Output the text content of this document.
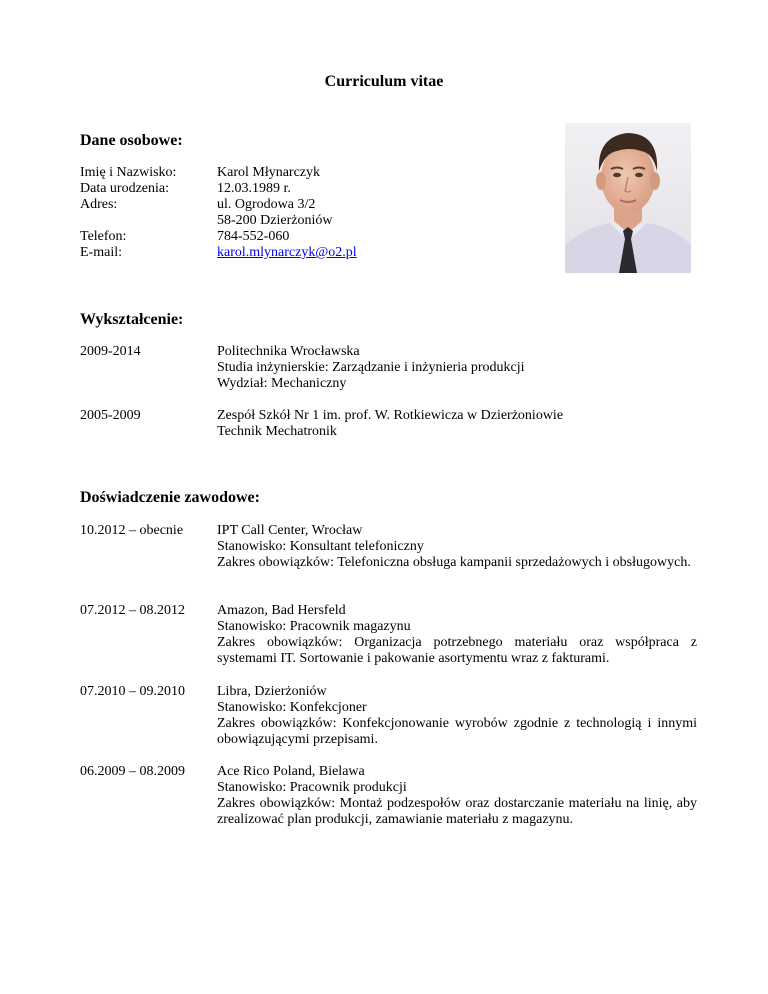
Curriculum vitae
Dane osobowe:
Imię i Nazwisko:	Karol Młynarczyk
Data urodzenia:	12.03.1989 r.
Adres:	ul. Ogrodowa 3/2
58-200 Dzierżoniów
Telefon:	784-552-060
E-mail:	karol.mlynarczyk@o2.pl
Wykształcenie:
2009-2014	Politechnika Wrocławska
Studia inżynierskie: Zarządzanie i inżynieria produkcji
Wydział: Mechaniczny
2005-2009	Zespół Szkół Nr 1 im. prof. W. Rotkiewicza w Dzierżoniowie
Technik Mechatronik
Doświadczenie zawodowe:
10.2012 – obecnie IPT Call Center, Wrocław
Stanowisko: Konsultant telefoniczny
Zakres obowiązków: Telefoniczna obsługa kampanii sprzedażowych i obsługowych.
07.2012 – 08.2012 Amazon, Bad Hersfeld
Stanowisko: Pracownik magazynu
Zakres obowiązków: Organizacja potrzebnego materiału oraz współpraca z systemami IT. Sortowanie i pakowanie asortymentu wraz z fakturami.
07.2010 – 09.2010 Libra, Dzierżoniów
Stanowisko: Konfekcjoner
Zakres obowiązków: Konfekcjonowanie wyrobów zgodnie z technologią i innymi obowiązującymi przepisami.
06.2009 – 08.2009 Ace Rico Poland, Bielawa
Stanowisko: Pracownik produkcji
Zakres obowiązków: Montaż podzespołów oraz dostarczanie materiału na linię, aby zrealizować plan produkcji, zamawianie materiału z magazynu.
